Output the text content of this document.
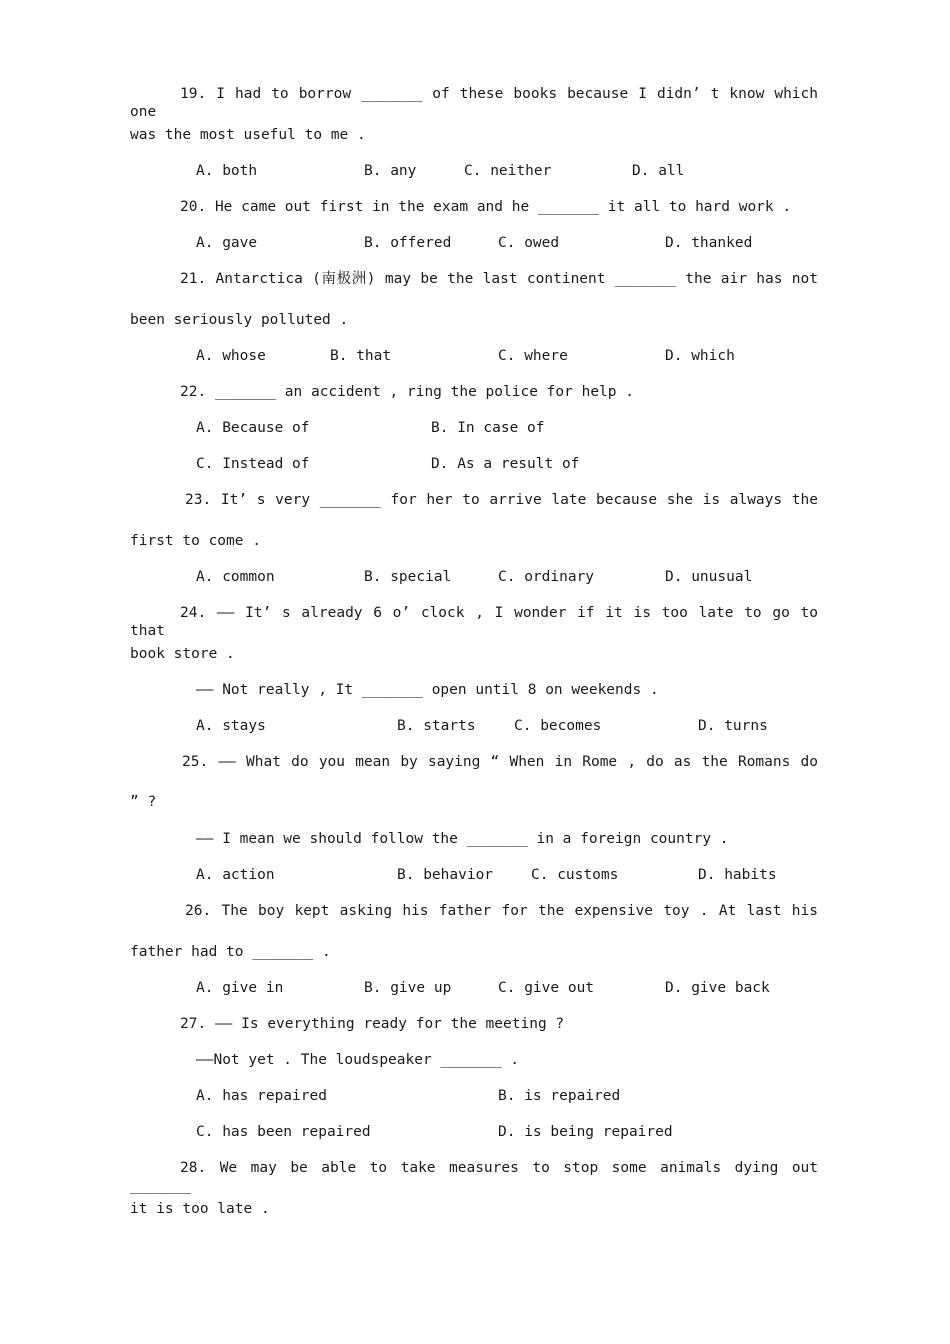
19. I had to borrow _______ of these books because I didn’ t know which one
was the most useful to me .
A. both	B. any	C. neither	D. all
20. He came out first in the exam and he _______ it all to hard work .
A. gave	B. offered	C. owed	D. thanked
21. Antarctica (南极洲) may be the last continent _______ the air has not
been seriously polluted .
A. whose	B. that	C. where	D. which
22. _______ an accident , ring the police for help .
A. Because of	B. In case of
C. Instead of	D. As a result of
23. It’ s very _______ for her to arrive late because she is always the
first to come .
A. common	B. special	C. ordinary	D. unusual
24. —— It’ s already 6 o’ clock , I wonder if it is too late to go to that
book store .
—— Not really , It _______ open until 8 on weekends .
A. stays	B. starts	C. becomes	D. turns
25. —— What do you mean by saying “ When in Rome , do as the Romans do
” ?
—— I mean we should follow the _______ in a foreign country .
A. action	B. behavior	C. customs	D. habits
26. The boy kept asking his father for the expensive toy . At last his
father had to _______ .
A. give in	B. give up	C. give out	D. give back
27. —— Is everything ready for the meeting ?
——Not yet . The loudspeaker _______ .
A. has repaired	B. is repaired
C. has been repaired	D. is being repaired
28. We may be able to take measures to stop some animals dying out _______
it is too late .
